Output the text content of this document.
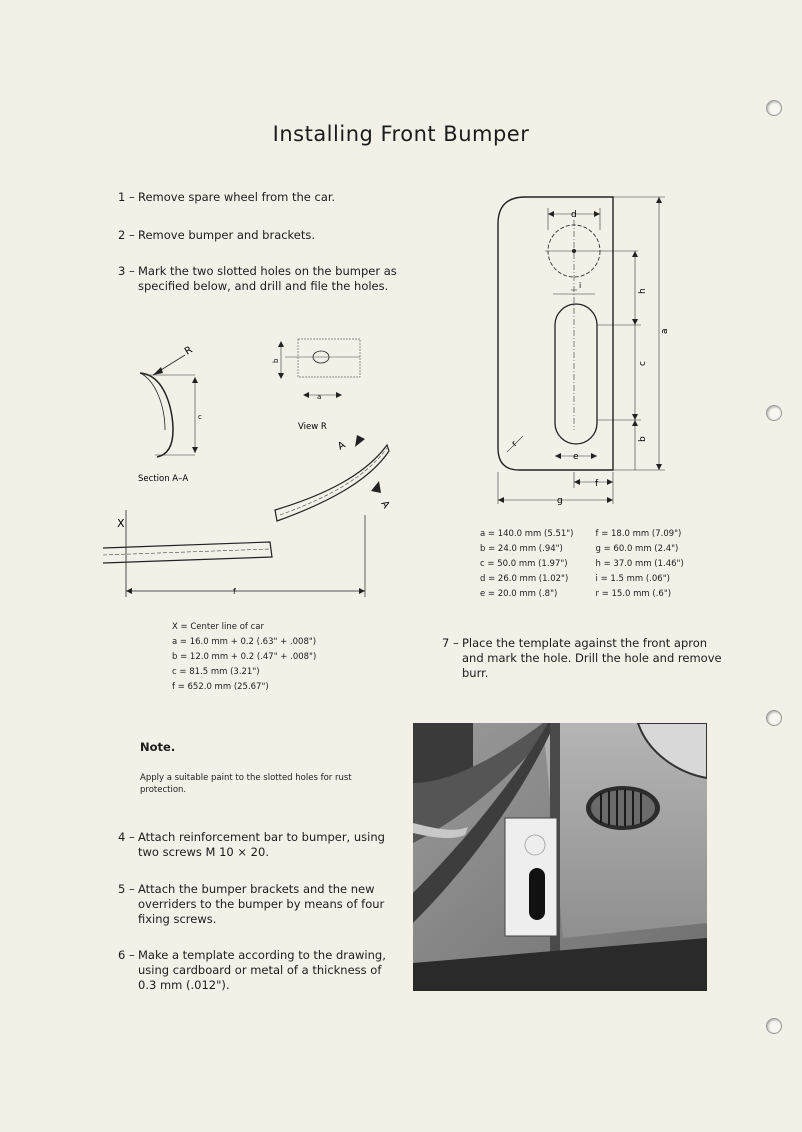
Installing Front Bumper
1 – Remove spare wheel from the car.
2 – Remove bumper and brackets.
3 – Mark the two slotted holes on the bumper as
specified below, and drill and file the holes.
R
c
Section A–A
b
a
View R
A
A
X
f
X = Center line of car
a = 16.0 mm + 0.2 (.63" + .008")
b = 12.0 mm + 0.2 (.47" + .008")
c = 81.5 mm (3.21")
f = 652.0 mm (25.67")
d
i
e
f
g
a
h
c
b
r
a = 140.0 mm (5.51")		f = 18.0 mm (7.09")
b = 24.0 mm (.94")		g = 60.0 mm (2.4")
c = 50.0 mm (1.97")		h = 37.0 mm (1.46")
d = 26.0 mm (1.02")		i = 1.5 mm (.06")
e = 20.0 mm (.8")		r = 15.0 mm (.6")
7 – Place the template against the front apron
and mark the hole. Drill the hole and remove
burr.
Note.
Apply a suitable paint to the slotted holes for rust
protection.
4 – Attach reinforcement bar to bumper, using
two screws M 10 × 20.
5 – Attach the bumper brackets and the new
overriders to the bumper by means of four
fixing screws.
6 – Make a template according to the drawing,
using cardboard or metal of a thickness of
0.3 mm (.012").
